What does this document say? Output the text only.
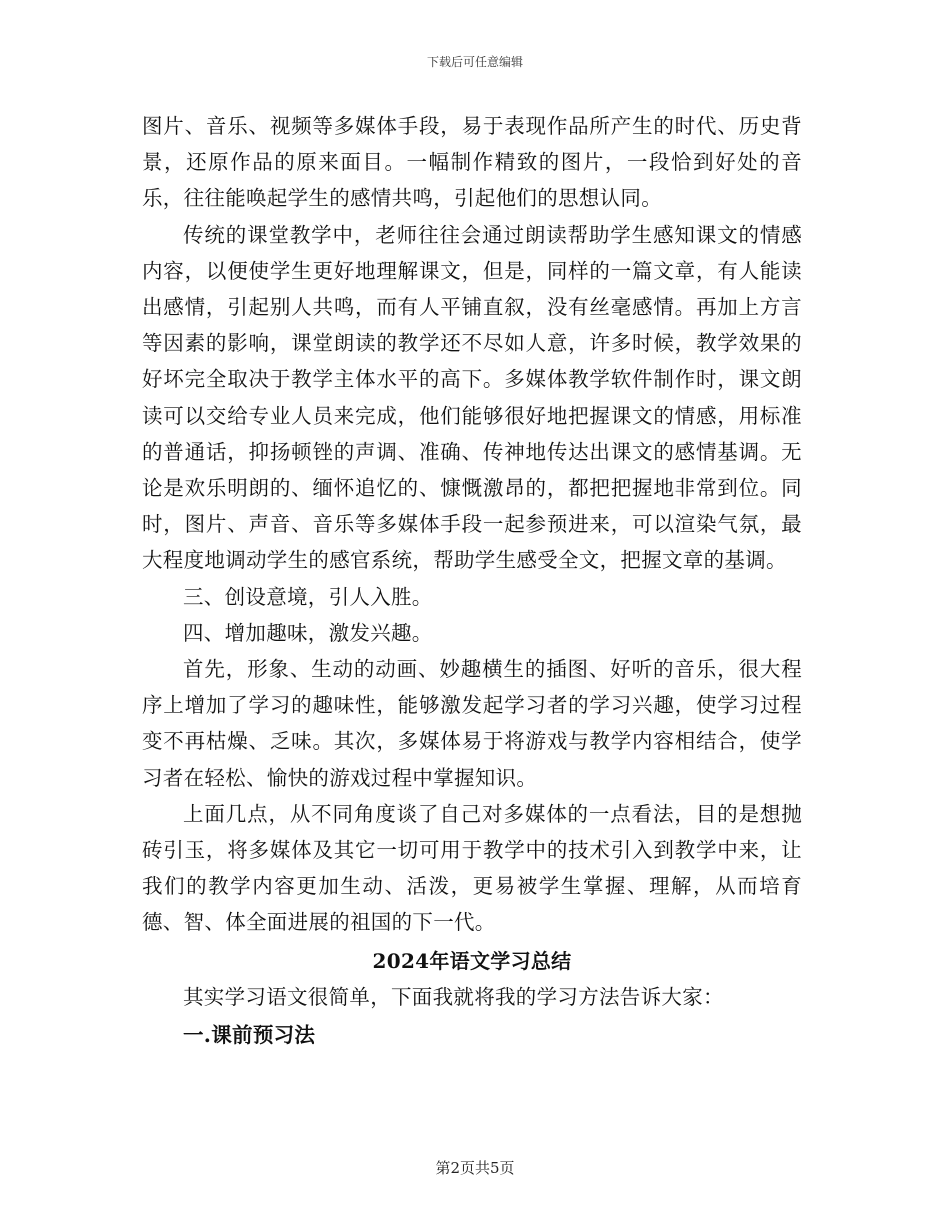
下载后可任意编辑

图片、音乐、视频等多媒体手段，易于表现作品所产生的时代、历史背景，还原作品的原来面目。一幅制作精致的图片，一段恰到好处的音乐，往往能唤起学生的感情共鸣，引起他们的思想认同。

传统的课堂教学中，老师往往会通过朗读帮助学生感知课文的情感内容，以便使学生更好地理解课文，但是，同样的一篇文章，有人能读出感情，引起别人共鸣，而有人平铺直叙，没有丝毫感情。再加上方言等因素的影响，课堂朗读的教学还不尽如人意，许多时候，教学效果的好坏完全取决于教学主体水平的高下。多媒体教学软件制作时，课文朗读可以交给专业人员来完成，他们能够很好地把握课文的情感，用标准的普通话，抑扬顿锉的声调、准确、传神地传达出课文的感情基调。无论是欢乐明朗的、缅怀追忆的、慷慨激昂的，都把把握地非常到位。同时，图片、声音、音乐等多媒体手段一起参预进来，可以渲染气氛，最大程度地调动学生的感官系统，帮助学生感受全文，把握文章的基调。

三、创设意境，引人入胜。

四、增加趣味，激发兴趣。

首先，形象、生动的动画、妙趣横生的插图、好听的音乐，很大程序上增加了学习的趣味性，能够激发起学习者的学习兴趣，使学习过程变不再枯燥、乏味。其次，多媒体易于将游戏与教学内容相结合，使学习者在轻松、愉快的游戏过程中掌握知识。

上面几点，从不同角度谈了自己对多媒体的一点看法，目的是想抛砖引玉，将多媒体及其它一切可用于教学中的技术引入到教学中来，让我们的教学内容更加生动、活泼，更易被学生掌握、理解，从而培育德、智、体全面进展的祖国的下一代。

2024年语文学习总结

其实学习语文很简单，下面我就将我的学习方法告诉大家：

一.课前预习法

第2页共5页
